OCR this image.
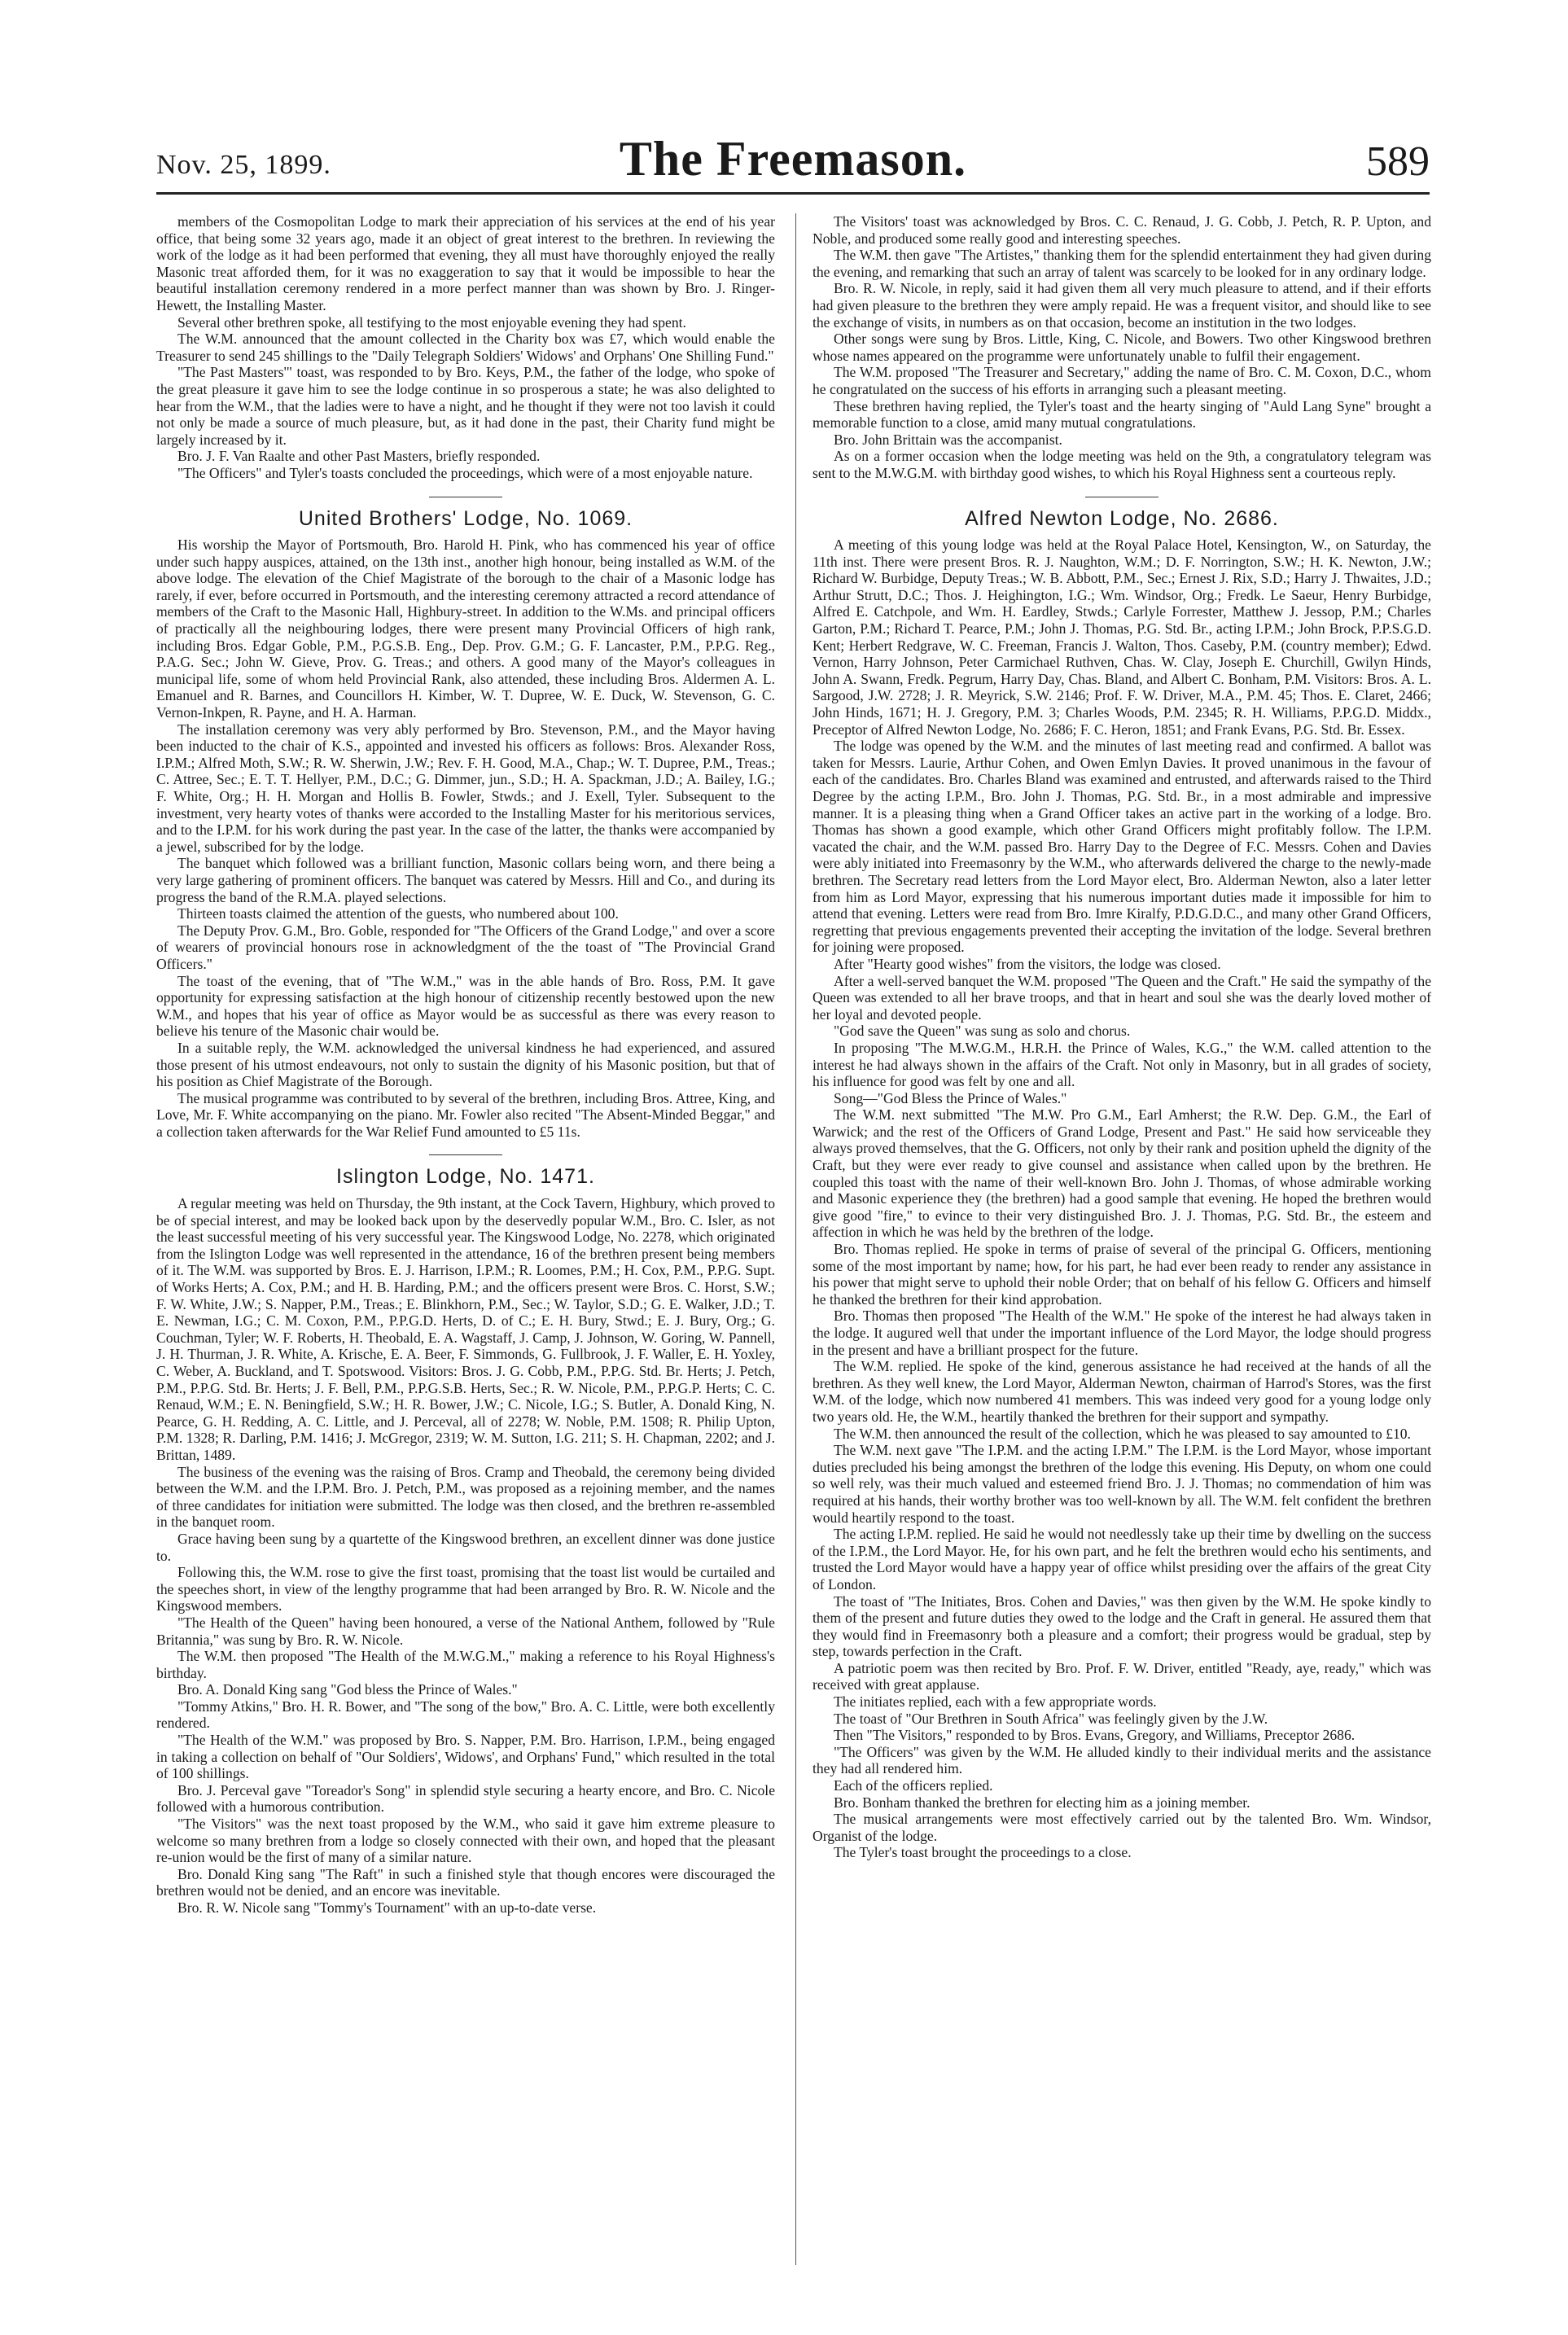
Nov. 25, 1899.	The Freemason.	589

members of the Cosmopolitan Lodge to mark their appreciation of his services at the end of his year office, that being some 32 years ago, made it an object of great interest to the brethren. In reviewing the work of the lodge as it had been performed that evening, they all must have thoroughly enjoyed the really Masonic treat afforded them, for it was no exaggeration to say that it would be impossible to hear the beautiful installation ceremony rendered in a more perfect manner than was shown by Bro. J. Ringer-Hewett, the Installing Master.

Several other brethren spoke, all testifying to the most enjoyable evening they had spent.

The W.M. announced that the amount collected in the Charity box was £7, which would enable the Treasurer to send 245 shillings to the "Daily Telegraph Soldiers' Widows' and Orphans' One Shilling Fund."

"The Past Masters'" toast, was responded to by Bro. Keys, P.M., the father of the lodge, who spoke of the great pleasure it gave him to see the lodge continue in so prosperous a state; he was also delighted to hear from the W.M., that the ladies were to have a night, and he thought if they were not too lavish it could not only be made a source of much pleasure, but, as it had done in the past, their Charity fund might be largely increased by it.

Bro. J. F. Van Raalte and other Past Masters, briefly responded.

"The Officers" and Tyler's toasts concluded the proceedings, which were of a most enjoyable nature.

United Brothers' Lodge, No. 1069.

His worship the Mayor of Portsmouth, Bro. Harold H. Pink, who has commenced his year of office under such happy auspices, attained, on the 13th inst., another high honour, being installed as W.M. of the above lodge. The elevation of the Chief Magistrate of the borough to the chair of a Masonic lodge has rarely, if ever, before occurred in Portsmouth, and the interesting ceremony attracted a record attendance of members of the Craft to the Masonic Hall, Highbury-street. In addition to the W.Ms. and principal officers of practically all the neighbouring lodges, there were present many Provincial Officers of high rank, including Bros. Edgar Goble, P.M., P.G.S.B. Eng., Dep. Prov. G.M.; G. F. Lancaster, P.M., P.P.G. Reg., P.A.G. Sec.; John W. Gieve, Prov. G. Treas.; and others. A good many of the Mayor's colleagues in municipal life, some of whom held Provincial Rank, also attended, these including Bros. Aldermen A. L. Emanuel and R. Barnes, and Councillors H. Kimber, W. T. Dupree, W. E. Duck, W. Stevenson, G. C. Vernon-Inkpen, R. Payne, and H. A. Harman.

The installation ceremony was very ably performed by Bro. Stevenson, P.M., and the Mayor having been inducted to the chair of K.S., appointed and invested his officers as follows: Bros. Alexander Ross, I.P.M.; Alfred Moth, S.W.; R. W. Sherwin, J.W.; Rev. F. H. Good, M.A., Chap.; W. T. Dupree, P.M., Treas.; C. Attree, Sec.; E. T. T. Hellyer, P.M., D.C.; G. Dimmer, jun., S.D.; H. A. Spackman, J.D.; A. Bailey, I.G.; F. White, Org.; H. H. Morgan and Hollis B. Fowler, Stwds.; and J. Exell, Tyler. Subsequent to the investment, very hearty votes of thanks were accorded to the Installing Master for his meritorious services, and to the I.P.M. for his work during the past year. In the case of the latter, the thanks were accompanied by a jewel, subscribed for by the lodge.

The banquet which followed was a brilliant function, Masonic collars being worn, and there being a very large gathering of prominent officers. The banquet was catered by Messrs. Hill and Co., and during its progress the band of the R.M.A. played selections.

Thirteen toasts claimed the attention of the guests, who numbered about 100.

The Deputy Prov. G.M., Bro. Goble, responded for "The Officers of the Grand Lodge," and over a score of wearers of provincial honours rose in acknowledgment of the the toast of "The Provincial Grand Officers."

The toast of the evening, that of "The W.M.," was in the able hands of Bro. Ross, P.M. It gave opportunity for expressing satisfaction at the high honour of citizenship recently bestowed upon the new W.M., and hopes that his year of office as Mayor would be as successful as there was every reason to believe his tenure of the Masonic chair would be.

In a suitable reply, the W.M. acknowledged the universal kindness he had experienced, and assured those present of his utmost endeavours, not only to sustain the dignity of his Masonic position, but that of his position as Chief Magistrate of the Borough.

The musical programme was contributed to by several of the brethren, including Bros. Attree, King, and Love, Mr. F. White accompanying on the piano. Mr. Fowler also recited "The Absent-Minded Beggar," and a collection taken afterwards for the War Relief Fund amounted to £5 11s.

Islington Lodge, No. 1471.

A regular meeting was held on Thursday, the 9th instant, at the Cock Tavern, Highbury, which proved to be of special interest, and may be looked back upon by the deservedly popular W.M., Bro. C. Isler, as not the least successful meeting of his very successful year. The Kingswood Lodge, No. 2278, which originated from the Islington Lodge was well represented in the attendance, 16 of the brethren present being members of it. The W.M. was supported by Bros. E. J. Harrison, I.P.M.; R. Loomes, P.M.; H. Cox, P.M., P.P.G. Supt. of Works Herts; A. Cox, P.M.; and H. B. Harding, P.M.; and the officers present were Bros. C. Horst, S.W.; F. W. White, J.W.; S. Napper, P.M., Treas.; E. Blinkhorn, P.M., Sec.; W. Taylor, S.D.; G. E. Walker, J.D.; T. E. Newman, I.G.; C. M. Coxon, P.M., P.P.G.D. Herts, D. of C.; E. H. Bury, Stwd.; E. J. Bury, Org.; G. Couchman, Tyler; W. F. Roberts, H. Theobald, E. A. Wagstaff, J. Camp, J. Johnson, W. Goring, W. Pannell, J. H. Thurman, J. R. White, A. Krische, E. A. Beer, F. Simmonds, G. Fullbrook, J. F. Waller, E. H. Yoxley, C. Weber, A. Buckland, and T. Spotswood. Visitors: Bros. J. G. Cobb, P.M., P.P.G. Std. Br. Herts; J. Petch, P.M., P.P.G. Std. Br. Herts; J. F. Bell, P.M., P.P.G.S.B. Herts, Sec.; R. W. Nicole, P.M., P.P.G.P. Herts; C. C. Renaud, W.M.; E. N. Beningfield, S.W.; H. R. Bower, J.W.; C. Nicole, I.G.; S. Butler, A. Donald King, N. Pearce, G. H. Redding, A. C. Little, and J. Perceval, all of 2278; W. Noble, P.M. 1508; R. Philip Upton, P.M. 1328; R. Darling, P.M. 1416; J. McGregor, 2319; W. M. Sutton, I.G. 211; S. H. Chapman, 2202; and J. Brittan, 1489.

The business of the evening was the raising of Bros. Cramp and Theobald, the ceremony being divided between the W.M. and the I.P.M. Bro. J. Petch, P.M., was proposed as a rejoining member, and the names of three candidates for initiation were submitted. The lodge was then closed, and the brethren re-assembled in the banquet room.

Grace having been sung by a quartette of the Kingswood brethren, an excellent dinner was done justice to.

Following this, the W.M. rose to give the first toast, promising that the toast list would be curtailed and the speeches short, in view of the lengthy programme that had been arranged by Bro. R. W. Nicole and the Kingswood members.

"The Health of the Queen" having been honoured, a verse of the National Anthem, followed by "Rule Britannia," was sung by Bro. R. W. Nicole.

The W.M. then proposed "The Health of the M.W.G.M.," making a reference to his Royal Highness's birthday.

Bro. A. Donald King sang "God bless the Prince of Wales."

"Tommy Atkins," Bro. H. R. Bower, and "The song of the bow," Bro. A. C. Little, were both excellently rendered.

"The Health of the W.M." was proposed by Bro. S. Napper, P.M. Bro. Harrison, I.P.M., being engaged in taking a collection on behalf of "Our Soldiers', Widows', and Orphans' Fund," which resulted in the total of 100 shillings.

Bro. J. Perceval gave "Toreador's Song" in splendid style securing a hearty encore, and Bro. C. Nicole followed with a humorous contribution.

"The Visitors" was the next toast proposed by the W.M., who said it gave him extreme pleasure to welcome so many brethren from a lodge so closely connected with their own, and hoped that the pleasant re-union would be the first of many of a similar nature.

Bro. Donald King sang "The Raft" in such a finished style that though encores were discouraged the brethren would not be denied, and an encore was inevitable.

Bro. R. W. Nicole sang "Tommy's Tournament" with an up-to-date verse.

The Visitors' toast was acknowledged by Bros. C. C. Renaud, J. G. Cobb, J. Petch, R. P. Upton, and Noble, and produced some really good and interesting speeches.

The W.M. then gave "The Artistes," thanking them for the splendid entertainment they had given during the evening, and remarking that such an array of talent was scarcely to be looked for in any ordinary lodge.

Bro. R. W. Nicole, in reply, said it had given them all very much pleasure to attend, and if their efforts had given pleasure to the brethren they were amply repaid. He was a frequent visitor, and should like to see the exchange of visits, in numbers as on that occasion, become an institution in the two lodges.

Other songs were sung by Bros. Little, King, C. Nicole, and Bowers. Two other Kingswood brethren whose names appeared on the programme were unfortunately unable to fulfil their engagement.

The W.M. proposed "The Treasurer and Secretary," adding the name of Bro. C. M. Coxon, D.C., whom he congratulated on the success of his efforts in arranging such a pleasant meeting.

These brethren having replied, the Tyler's toast and the hearty singing of "Auld Lang Syne" brought a memorable function to a close, amid many mutual congratulations.

Bro. John Brittain was the accompanist.

As on a former occasion when the lodge meeting was held on the 9th, a congratulatory telegram was sent to the M.W.G.M. with birthday good wishes, to which his Royal Highness sent a courteous reply.

Alfred Newton Lodge, No. 2686.

A meeting of this young lodge was held at the Royal Palace Hotel, Kensington, W., on Saturday, the 11th inst. There were present Bros. R. J. Naughton, W.M.; D. F. Norrington, S.W.; H. K. Newton, J.W.; Richard W. Burbidge, Deputy Treas.; W. B. Abbott, P.M., Sec.; Ernest J. Rix, S.D.; Harry J. Thwaites, J.D.; Arthur Strutt, D.C.; Thos. J. Heighington, I.G.; Wm. Windsor, Org.; Fredk. Le Saeur, Henry Burbidge, Alfred E. Catchpole, and Wm. H. Eardley, Stwds.; Carlyle Forrester, Matthew J. Jessop, P.M.; Charles Garton, P.M.; Richard T. Pearce, P.M.; John J. Thomas, P.G. Std. Br., acting I.P.M.; John Brock, P.P.S.G.D. Kent; Herbert Redgrave, W. C. Freeman, Francis J. Walton, Thos. Caseby, P.M. (country member); Edwd. Vernon, Harry Johnson, Peter Carmichael Ruthven, Chas. W. Clay, Joseph E. Churchill, Gwilyn Hinds, John A. Swann, Fredk. Pegrum, Harry Day, Chas. Bland, and Albert C. Bonham, P.M. Visitors: Bros. A. L. Sargood, J.W. 2728; J. R. Meyrick, S.W. 2146; Prof. F. W. Driver, M.A., P.M. 45; Thos. E. Claret, 2466; John Hinds, 1671; H. J. Gregory, P.M. 3; Charles Woods, P.M. 2345; R. H. Williams, P.P.G.D. Middx., Preceptor of Alfred Newton Lodge, No. 2686; F. C. Heron, 1851; and Frank Evans, P.G. Std. Br. Essex.

The lodge was opened by the W.M. and the minutes of last meeting read and confirmed. A ballot was taken for Messrs. Laurie, Arthur Cohen, and Owen Emlyn Davies. It proved unanimous in the favour of each of the candidates. Bro. Charles Bland was examined and entrusted, and afterwards raised to the Third Degree by the acting I.P.M., Bro. John J. Thomas, P.G. Std. Br., in a most admirable and impressive manner. It is a pleasing thing when a Grand Officer takes an active part in the working of a lodge. Bro. Thomas has shown a good example, which other Grand Officers might profitably follow. The I.P.M. vacated the chair, and the W.M. passed Bro. Harry Day to the Degree of F.C. Messrs. Cohen and Davies were ably initiated into Freemasonry by the W.M., who afterwards delivered the charge to the newly-made brethren. The Secretary read letters from the Lord Mayor elect, Bro. Alderman Newton, also a later letter from him as Lord Mayor, expressing that his numerous important duties made it impossible for him to attend that evening. Letters were read from Bro. Imre Kiralfy, P.D.G.D.C., and many other Grand Officers, regretting that previous engagements prevented their accepting the invitation of the lodge. Several brethren for joining were proposed.

After "Hearty good wishes" from the visitors, the lodge was closed.

After a well-served banquet the W.M. proposed "The Queen and the Craft." He said the sympathy of the Queen was extended to all her brave troops, and that in heart and soul she was the dearly loved mother of her loyal and devoted people.

"God save the Queen" was sung as solo and chorus.

In proposing "The M.W.G.M., H.R.H. the Prince of Wales, K.G.," the W.M. called attention to the interest he had always shown in the affairs of the Craft. Not only in Masonry, but in all grades of society, his influence for good was felt by one and all.

Song—"God Bless the Prince of Wales."

The W.M. next submitted "The M.W. Pro G.M., Earl Amherst; the R.W. Dep. G.M., the Earl of Warwick; and the rest of the Officers of Grand Lodge, Present and Past." He said how serviceable they always proved themselves, that the G. Officers, not only by their rank and position upheld the dignity of the Craft, but they were ever ready to give counsel and assistance when called upon by the brethren. He coupled this toast with the name of their well-known Bro. John J. Thomas, of whose admirable working and Masonic experience they (the brethren) had a good sample that evening. He hoped the brethren would give good "fire," to evince to their very distinguished Bro. J. J. Thomas, P.G. Std. Br., the esteem and affection in which he was held by the brethren of the lodge.

Bro. Thomas replied. He spoke in terms of praise of several of the principal G. Officers, mentioning some of the most important by name; how, for his part, he had ever been ready to render any assistance in his power that might serve to uphold their noble Order; that on behalf of his fellow G. Officers and himself he thanked the brethren for their kind approbation.

Bro. Thomas then proposed "The Health of the W.M." He spoke of the interest he had always taken in the lodge. It augured well that under the important influence of the Lord Mayor, the lodge should progress in the present and have a brilliant prospect for the future.

The W.M. replied. He spoke of the kind, generous assistance he had received at the hands of all the brethren. As they well knew, the Lord Mayor, Alderman Newton, chairman of Harrod's Stores, was the first W.M. of the lodge, which now numbered 41 members. This was indeed very good for a young lodge only two years old. He, the W.M., heartily thanked the brethren for their support and sympathy.

The W.M. then announced the result of the collection, which he was pleased to say amounted to £10.

The W.M. next gave "The I.P.M. and the acting I.P.M." The I.P.M. is the Lord Mayor, whose important duties precluded his being amongst the brethren of the lodge this evening. His Deputy, on whom one could so well rely, was their much valued and esteemed friend Bro. J. J. Thomas; no commendation of him was required at his hands, their worthy brother was too well-known by all. The W.M. felt confident the brethren would heartily respond to the toast.

The acting I.P.M. replied. He said he would not needlessly take up their time by dwelling on the success of the I.P.M., the Lord Mayor. He, for his own part, and he felt the brethren would echo his sentiments, and trusted the Lord Mayor would have a happy year of office whilst presiding over the affairs of the great City of London.

The toast of "The Initiates, Bros. Cohen and Davies," was then given by the W.M. He spoke kindly to them of the present and future duties they owed to the lodge and the Craft in general. He assured them that they would find in Freemasonry both a pleasure and a comfort; their progress would be gradual, step by step, towards perfection in the Craft.

A patriotic poem was then recited by Bro. Prof. F. W. Driver, entitled "Ready, aye, ready," which was received with great applause.

The initiates replied, each with a few appropriate words.

The toast of "Our Brethren in South Africa" was feelingly given by the J.W.

Then "The Visitors," responded to by Bros. Evans, Gregory, and Williams, Preceptor 2686.

"The Officers" was given by the W.M. He alluded kindly to their individual merits and the assistance they had all rendered him.

Each of the officers replied.

Bro. Bonham thanked the brethren for electing him as a joining member.

The musical arrangements were most effectively carried out by the talented Bro. Wm. Windsor, Organist of the lodge.

The Tyler's toast brought the proceedings to a close.
